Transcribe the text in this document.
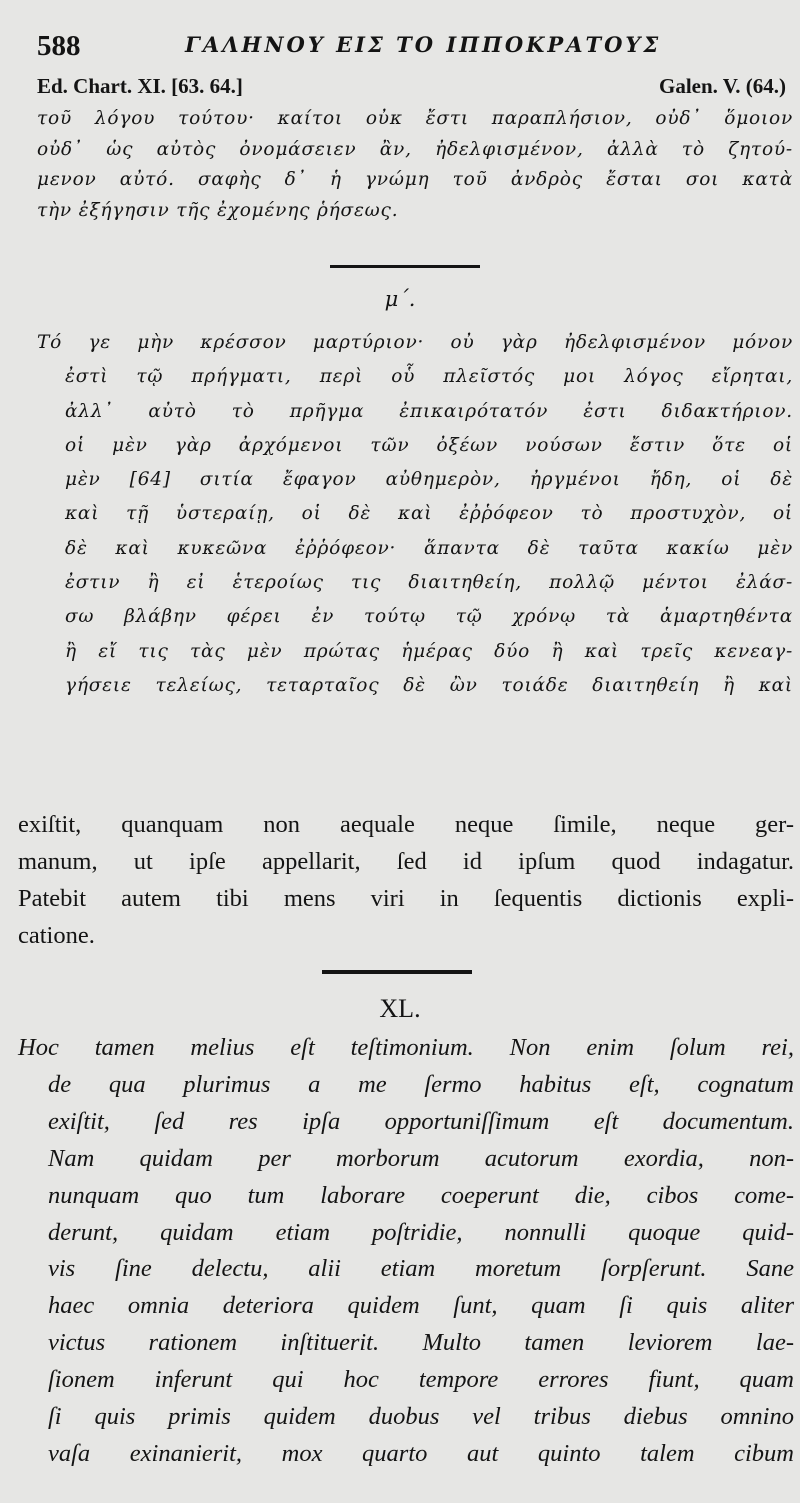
588	ΓΑΛΗΝΟΥ ΕΙΣ ΤΟ ΙΠΠΟΚΡΑΤΟΥΣ
Ed. Chart. XI. [63. 64.]	Galen. V. (64.)
τοῦ λόγου τούτου· καίτοι οὐκ ἔστι παραπλήσιον, οὐδ᾽ ὅμοιον
οὐδ᾽ ὡς αὐτὸς ὀνομάσειεν ἂν, ἠδελφισμένον, ἀλλὰ τὸ ζητού-
μενον αὐτό. σαφὴς δ᾽ ἡ γνώμη τοῦ ἀνδρὸς ἔσται σοι κατὰ
τὴν ἐξήγησιν τῆς ἐχομένης ῥήσεως.
μ΄.
Τό γε μὴν κρέσσον μαρτύριον· οὐ γὰρ ἠδελφισμένον μόνον
ἐστὶ τῷ πρήγματι, περὶ οὗ πλεῖστός μοι λόγος εἴρηται,
ἀλλ᾽ αὐτὸ τὸ πρῆγμα ἐπικαιρότατόν ἐστι διδακτήριον.
οἱ μὲν γὰρ ἀρχόμενοι τῶν ὀξέων νούσων ἔστιν ὅτε οἱ
μὲν [64] σιτία ἔφαγον αὐθημερὸν, ἠργμένοι ἤδη, οἱ δὲ
καὶ τῇ ὑστεραίῃ, οἱ δὲ καὶ ἐῤῥόφεον τὸ προστυχὸν, οἱ
δὲ καὶ κυκεῶνα ἐῤῥόφεον· ἅπαντα δὲ ταῦτα κακίω μὲν
ἐστιν ἢ εἰ ἑτεροίως τις διαιτηθείη, πολλῷ μέντοι ἐλάσ-
σω βλάβην φέρει ἐν τούτῳ τῷ χρόνῳ τὰ ἁμαρτηθέντα
ἢ εἴ τις τὰς μὲν πρώτας ἡμέρας δύο ἢ καὶ τρεῖς κενεαγ-
γήσειε τελείως, τεταρταῖος δὲ ὢν τοιάδε διαιτηθείη ἢ καὶ
exiſtit, quanquam non aequale neque ſimile, neque ger-
manum, ut ipſe appellarit, ſed id ipſum quod indagatur.
Patebit autem tibi mens viri in ſequentis dictionis expli-
catione.
XL.
Hoc tamen melius eſt teſtimonium. Non enim ſolum rei,
de qua plurimus a me ſermo habitus eſt, cognatum
exiſtit, ſed res ipſa opportuniſſimum eſt documentum.
Nam quidam per morborum acutorum exordia, non-
nunquam quo tum laborare coeperunt die, cibos come-
derunt, quidam etiam poſtridie, nonnulli quoque quid-
vis ſine delectu, alii etiam moretum ſorpſerunt. Sane
haec omnia deteriora quidem ſunt, quam ſi quis aliter
victus rationem inſtituerit. Multo tamen leviorem lae-
ſionem inferunt qui hoc tempore errores fiunt, quam
ſi quis primis quidem duobus vel tribus diebus omnino
vaſa exinanierit, mox quarto aut quinto talem cibum
